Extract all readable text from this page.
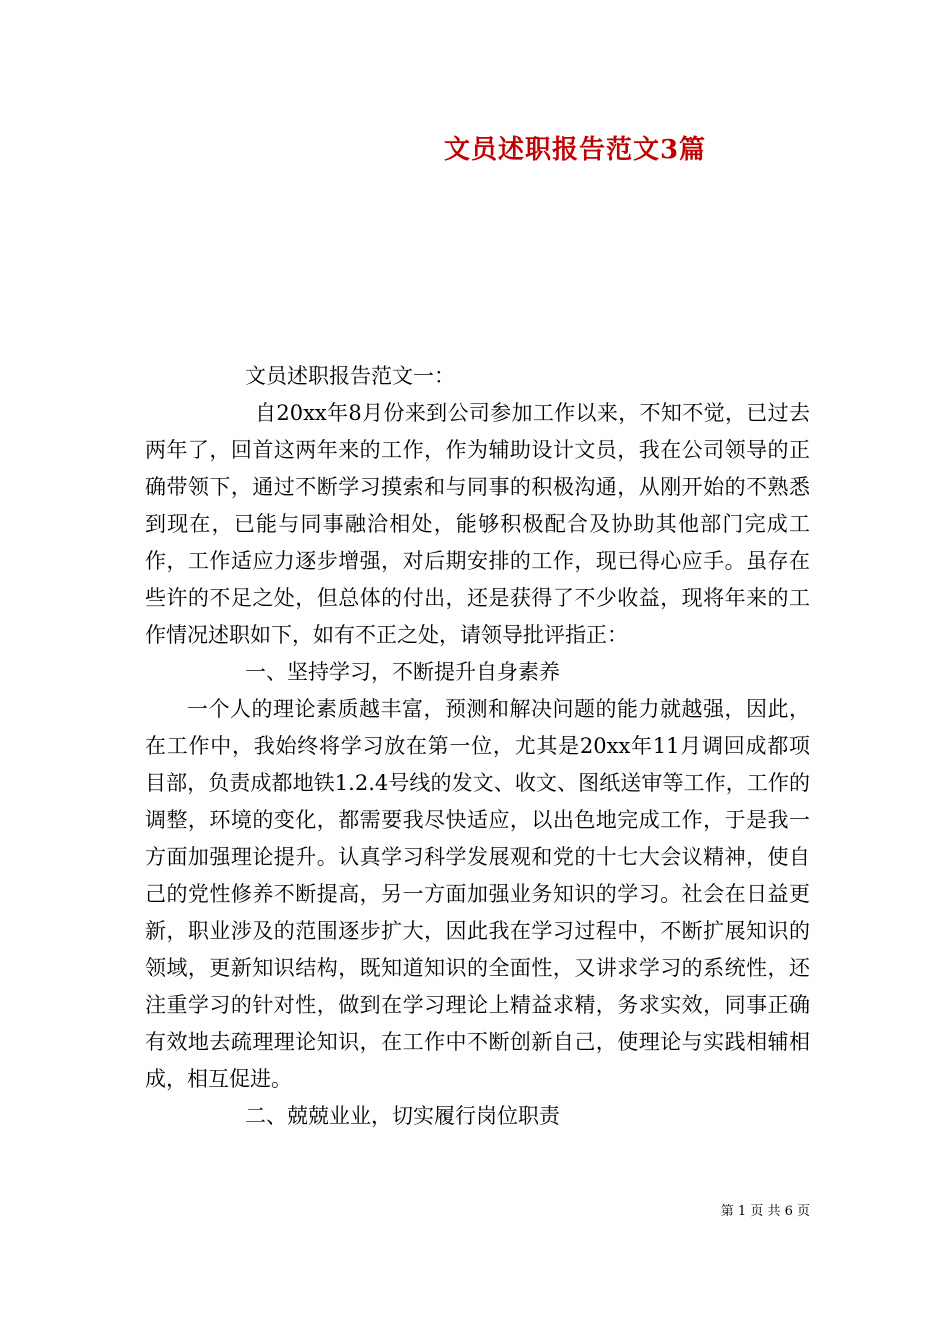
文员述职报告范文3篇

文员述职报告范文一：

自20xx年8月份来到公司参加工作以来，不知不觉，已过去两年了，回首这两年来的工作，作为辅助设计文员，我在公司领导的正确带领下，通过不断学习摸索和与同事的积极沟通，从刚开始的不熟悉到现在，已能与同事融洽相处，能够积极配合及协助其他部门完成工作，工作适应力逐步增强，对后期安排的工作，现已得心应手。虽存在些许的不足之处，但总体的付出，还是获得了不少收益，现将年来的工作情况述职如下，如有不正之处，请领导批评指正：

一、坚持学习，不断提升自身素养

一个人的理论素质越丰富，预测和解决问题的能力就越强，因此，在工作中，我始终将学习放在第一位，尤其是20xx年11月调回成都项目部，负责成都地铁1.2.4号线的发文、收文、图纸送审等工作，工作的调整，环境的变化，都需要我尽快适应，以出色地完成工作，于是我一方面加强理论提升。认真学习科学发展观和党的十七大会议精神，使自己的党性修养不断提高，另一方面加强业务知识的学习。社会在日益更新，职业涉及的范围逐步扩大，因此我在学习过程中，不断扩展知识的领域，更新知识结构，既知道知识的全面性，又讲求学习的系统性，还注重学习的针对性，做到在学习理论上精益求精，务求实效，同事正确有效地去疏理理论知识，在工作中不断创新自己，使理论与实践相辅相成，相互促进。

二、兢兢业业，切实履行岗位职责

第 1 页 共 6 页
